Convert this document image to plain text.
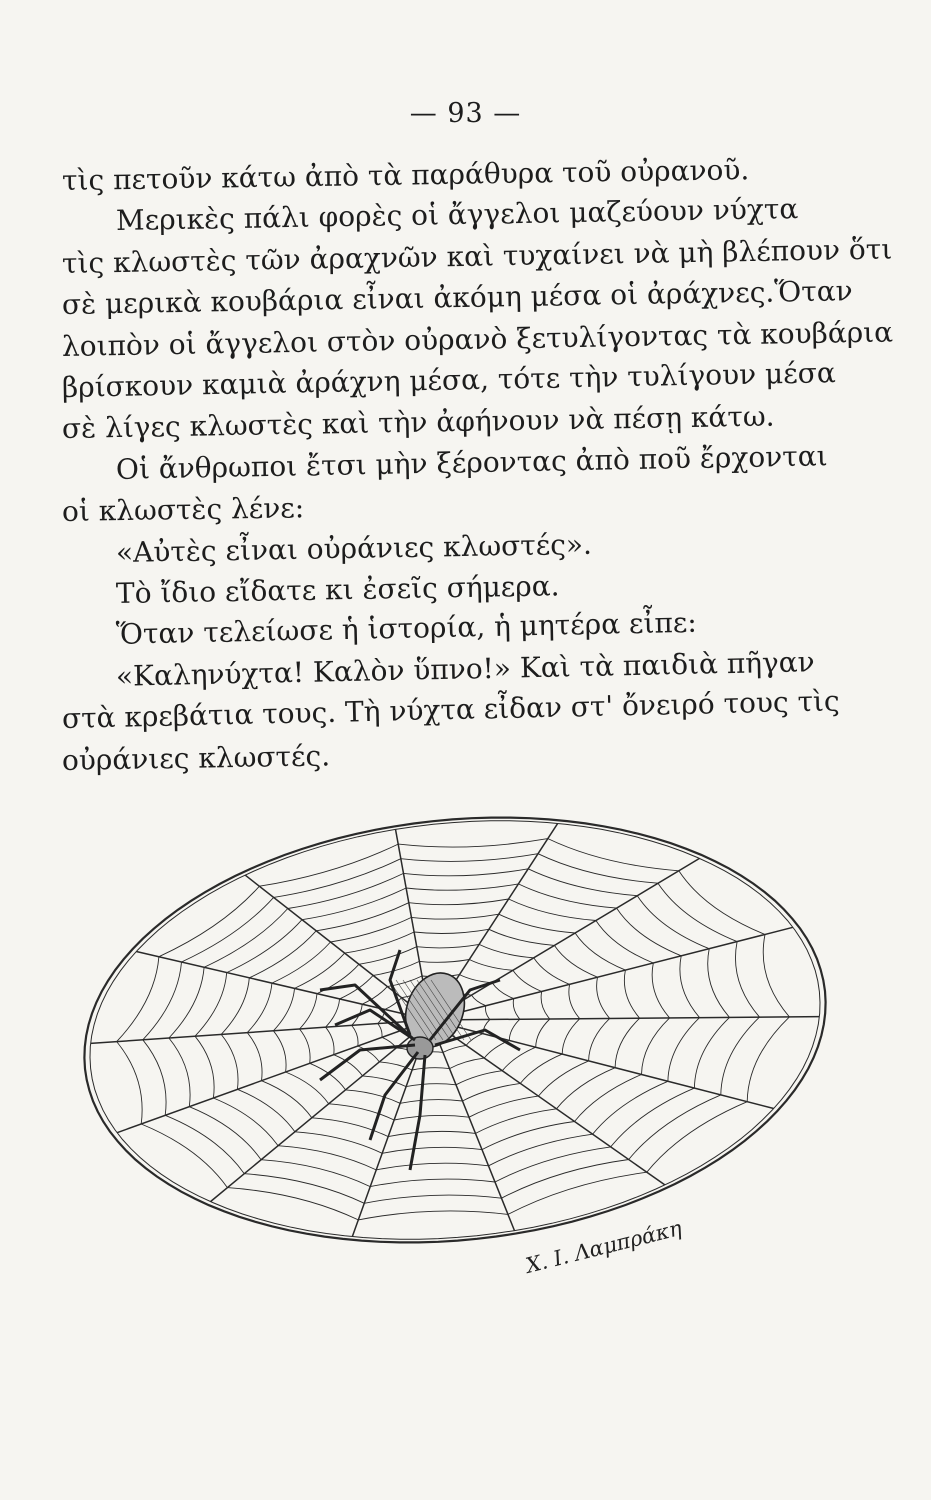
— 93 —
τὶς πετοῦν κάτω ἀπὸ τὰ παράθυρα τοῦ οὐρανοῦ.
Μερικὲς πάλι φορὲς οἱ ἄγγελοι μαζεύουν νύχτα
τὶς κλωστὲς τῶν ἀραχνῶν καὶ τυχαίνει νὰ μὴ βλέπουν ὅτι
σὲ μερικὰ κουβάρια εἶναι ἀκόμη μέσα οἱ ἀράχνες.Ὅταν
λοιπὸν οἱ ἄγγελοι στὸν οὐρανὸ ξετυλίγοντας τὰ κουβάρια
βρίσκουν καμιὰ ἀράχνη μέσα, τότε τὴν τυλίγουν μέσα
σὲ λίγες κλωστὲς καὶ τὴν ἀφήνουν νὰ πέσῃ κάτω.
Οἱ ἄνθρωποι ἔτσι μὴν ξέροντας ἀπὸ ποῦ ἔρχονται
οἱ κλωστὲς λένε:
«Αὐτὲς εἶναι οὐράνιες κλωστές».
Τὸ ἴδιο εἴδατε κι ἐσεῖς σήμερα.
Ὅταν τελείωσε ἡ ἱστορία, ἡ μητέρα εἶπε:
«Καληνύχτα! Καλὸν ὕπνο!» Καὶ τὰ παιδιὰ πῆγαν
στὰ κρεβάτια τους. Τὴ νύχτα εἶδαν στ' ὄνειρό τους τὶς
οὐράνιες κλωστές.
Χ. Ι. Λαμπράκη
